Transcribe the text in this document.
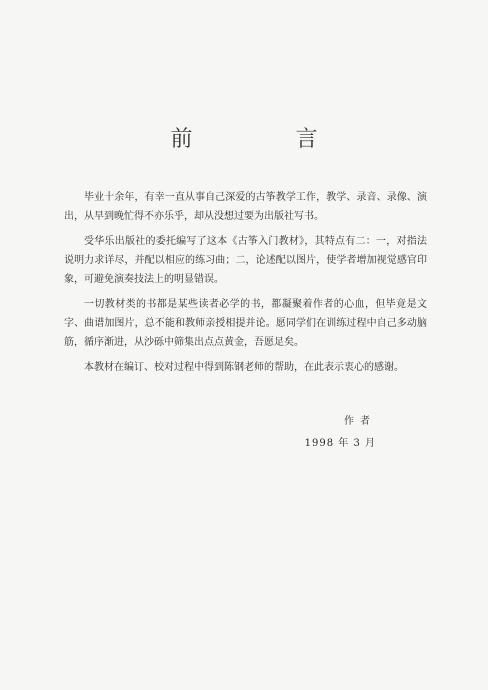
前 言

毕业十余年，有幸一直从事自己深爱的古筝教学工作，教学、录音、录像、演出，从早到晚忙得不亦乐乎，却从没想过要为出版社写书。

受华乐出版社的委托编写了这本《古筝入门教材》，其特点有二：一，对指法说明力求详尽，并配以相应的练习曲；二，论述配以图片，使学者增加视觉感官印象，可避免演奏技法上的明显错误。

一切教材类的书都是某些读者必学的书，都凝聚着作者的心血，但毕竟是文字、曲谱加图片，总不能和教师亲授相提并论。愿同学们在训练过程中自己多动脑筋，循序渐进，从沙砾中筛集出点点黄金，吾愿足矣。

本教材在编订、校对过程中得到陈钢老师的帮助，在此表示衷心的感谢。

作者
1998 年 3 月
